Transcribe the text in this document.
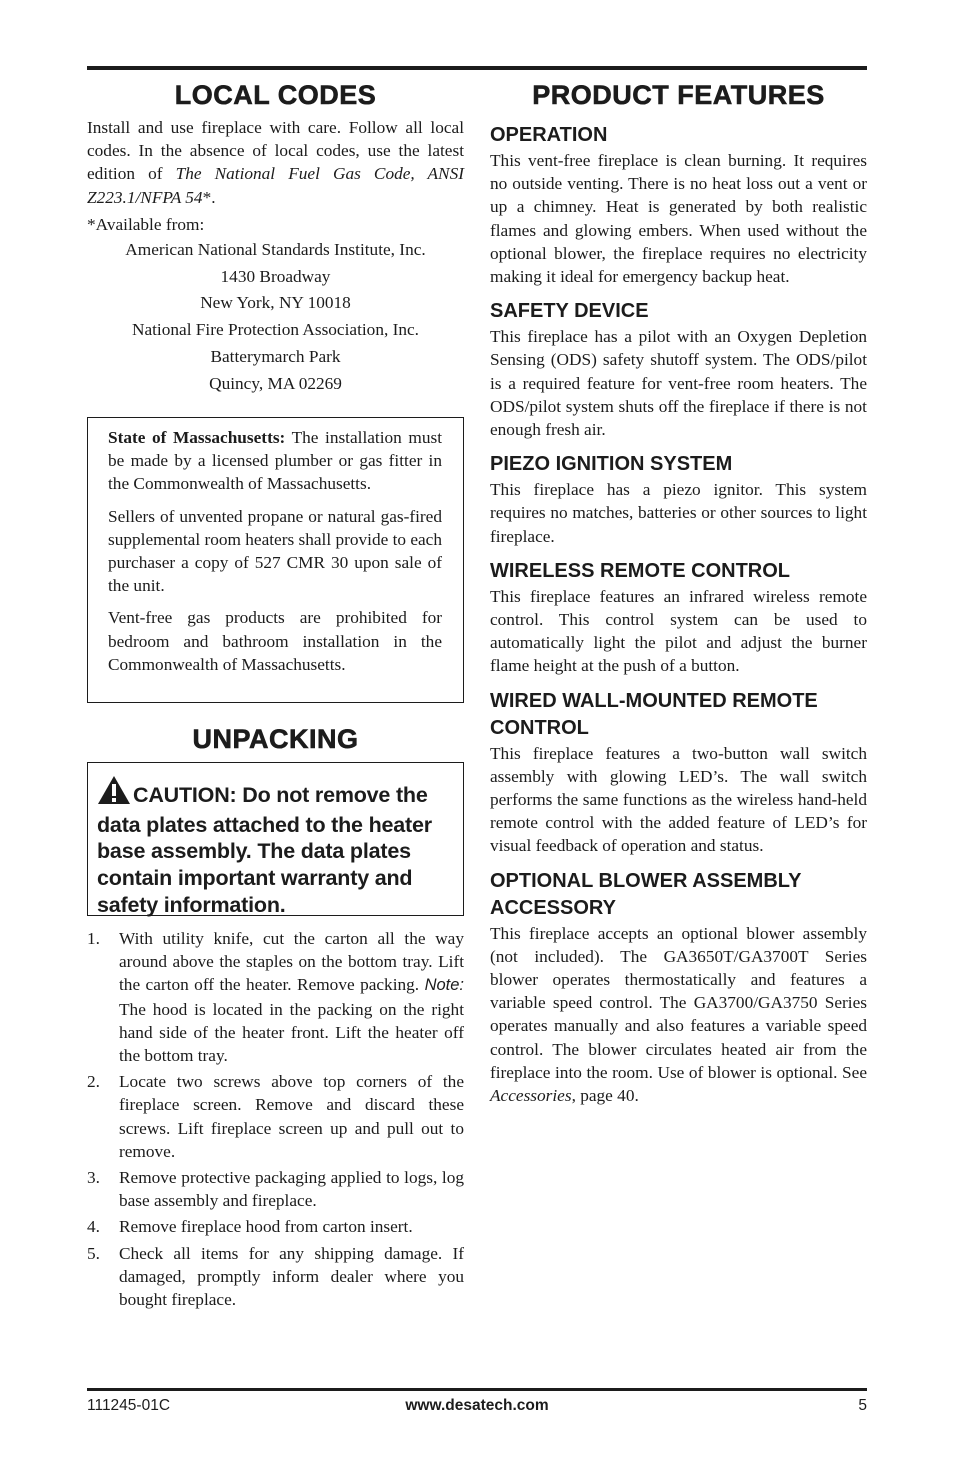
LOCAL CODES

Install and use fireplace with care. Follow all local codes. In the absence of local codes, use the latest edition of The National Fuel Gas Code, ANSI Z223.1/NFPA 54*.

*Available from:

American National Standards Institute, Inc.
1430 Broadway
New York, NY 10018
National Fire Protection Association, Inc.
Batterymarch Park
Quincy, MA 02269

State of Massachusetts: The installation must be made by a licensed plumber or gas fitter in the Commonwealth of Massachusetts.

Sellers of unvented propane or natural gas-fired supplemental room heaters shall provide to each purchaser a copy of 527 CMR 30 upon sale of the unit.

Vent-free gas products are prohibited for bedroom and bathroom installation in the Commonwealth of Massachusetts.

UNPACKING
CAUTION: Do not remove the data plates attached to the heater base assembly. The data plates contain important warranty and safety information.
1. With utility knife, cut the carton all the way around above the staples on the bottom tray. Lift the carton off the heater. Remove packing. Note: The hood is located in the packing on the right hand side of the heater front. Lift the heater off the bottom tray.

2. Locate two screws above top corners of the fireplace screen. Remove and discard these screws. Lift fireplace screen up and pull out to remove.

3. Remove protective packaging applied to logs, log base assembly and fireplace.

4. Remove fireplace hood from carton insert.

5. Check all items for any shipping damage. If damaged, promptly inform dealer where you bought fireplace.

PRODUCT FEATURES
OPERATION

This vent-free fireplace is clean burning. It requires no outside venting. There is no heat loss out a vent or up a chimney. Heat is generated by both realistic flames and glowing embers. When used without the optional blower, the fireplace requires no electricity making it ideal for emergency backup heat.

SAFETY DEVICE

This fireplace has a pilot with an Oxygen Depletion Sensing (ODS) safety shutoff system. The ODS/pilot is a required feature for vent-free room heaters. The ODS/pilot system shuts off the fireplace if there is not enough fresh air.

PIEZO IGNITION SYSTEM

This fireplace has a piezo ignitor. This system requires no matches, batteries or other sources to light fireplace.

WIRELESS REMOTE CONTROL

This fireplace features an infrared wireless remote control. This control system can be used to automatically light the pilot and adjust the burner flame height at the push of a button.

WIRED WALL-MOUNTED REMOTE CONTROL

This fireplace features a two-button wall switch assembly with glowing LED’s. The wall switch performs the same functions as the wireless hand-held remote control with the added feature of LED’s for visual feedback of operation and status.

OPTIONAL BLOWER ASSEMBLY ACCESSORY

This fireplace accepts an optional blower assembly (not included). The GA3650T/GA3700T Series blower operates thermostatically and features a variable speed control. The GA3700/GA3750 Series operates manually and also features a variable speed control. The blower circulates heated air from the fireplace into the room. Use of blower is optional. See Accessories, page 40.

111245-01C	www.desatech.com	5
